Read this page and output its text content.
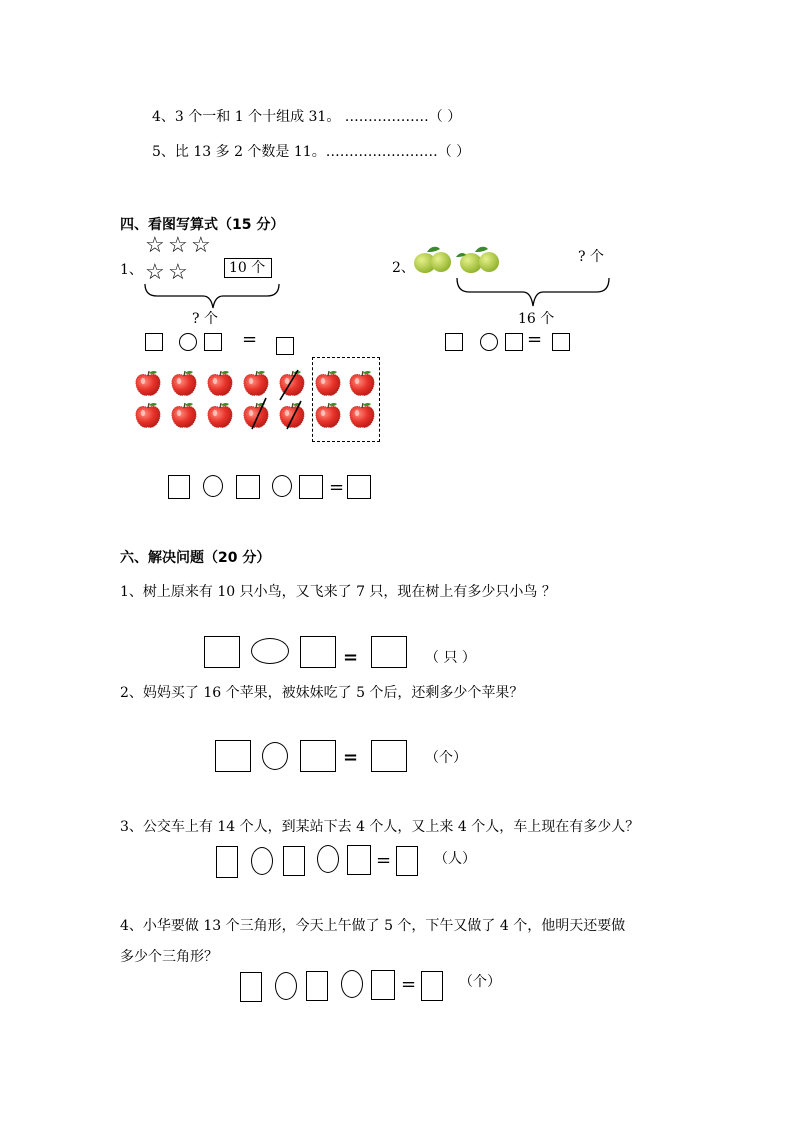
4、3 个一和 1 个十组成 31。 ………………（ ）
5、比 13 多 2 个数是 11。……………………（ ）
四、看图写算式（15 分）
☆ ☆ ☆
☆ ☆
1、	10 个
? 个
=
2、
? 个
16 个
=
=
六、解决问题（20 分）
1、树上原来有 10 只小鸟，又飞来了 7 只，现在树上有多少只小鸟 ？
=	（ 只 ）
2、妈妈买了 16 个苹果，被妹妹吃了 5 个后，还剩多少个苹果？
=	（个）
3、公交车上有 14 个人，到某站下去 4 个人，又上来 4 个人，车上现在有多少人？
=	（人）
4、小华要做 13 个三角形，今天上午做了 5 个，下午又做了 4 个，他明天还要做
多少个三角形？
=	（个）
